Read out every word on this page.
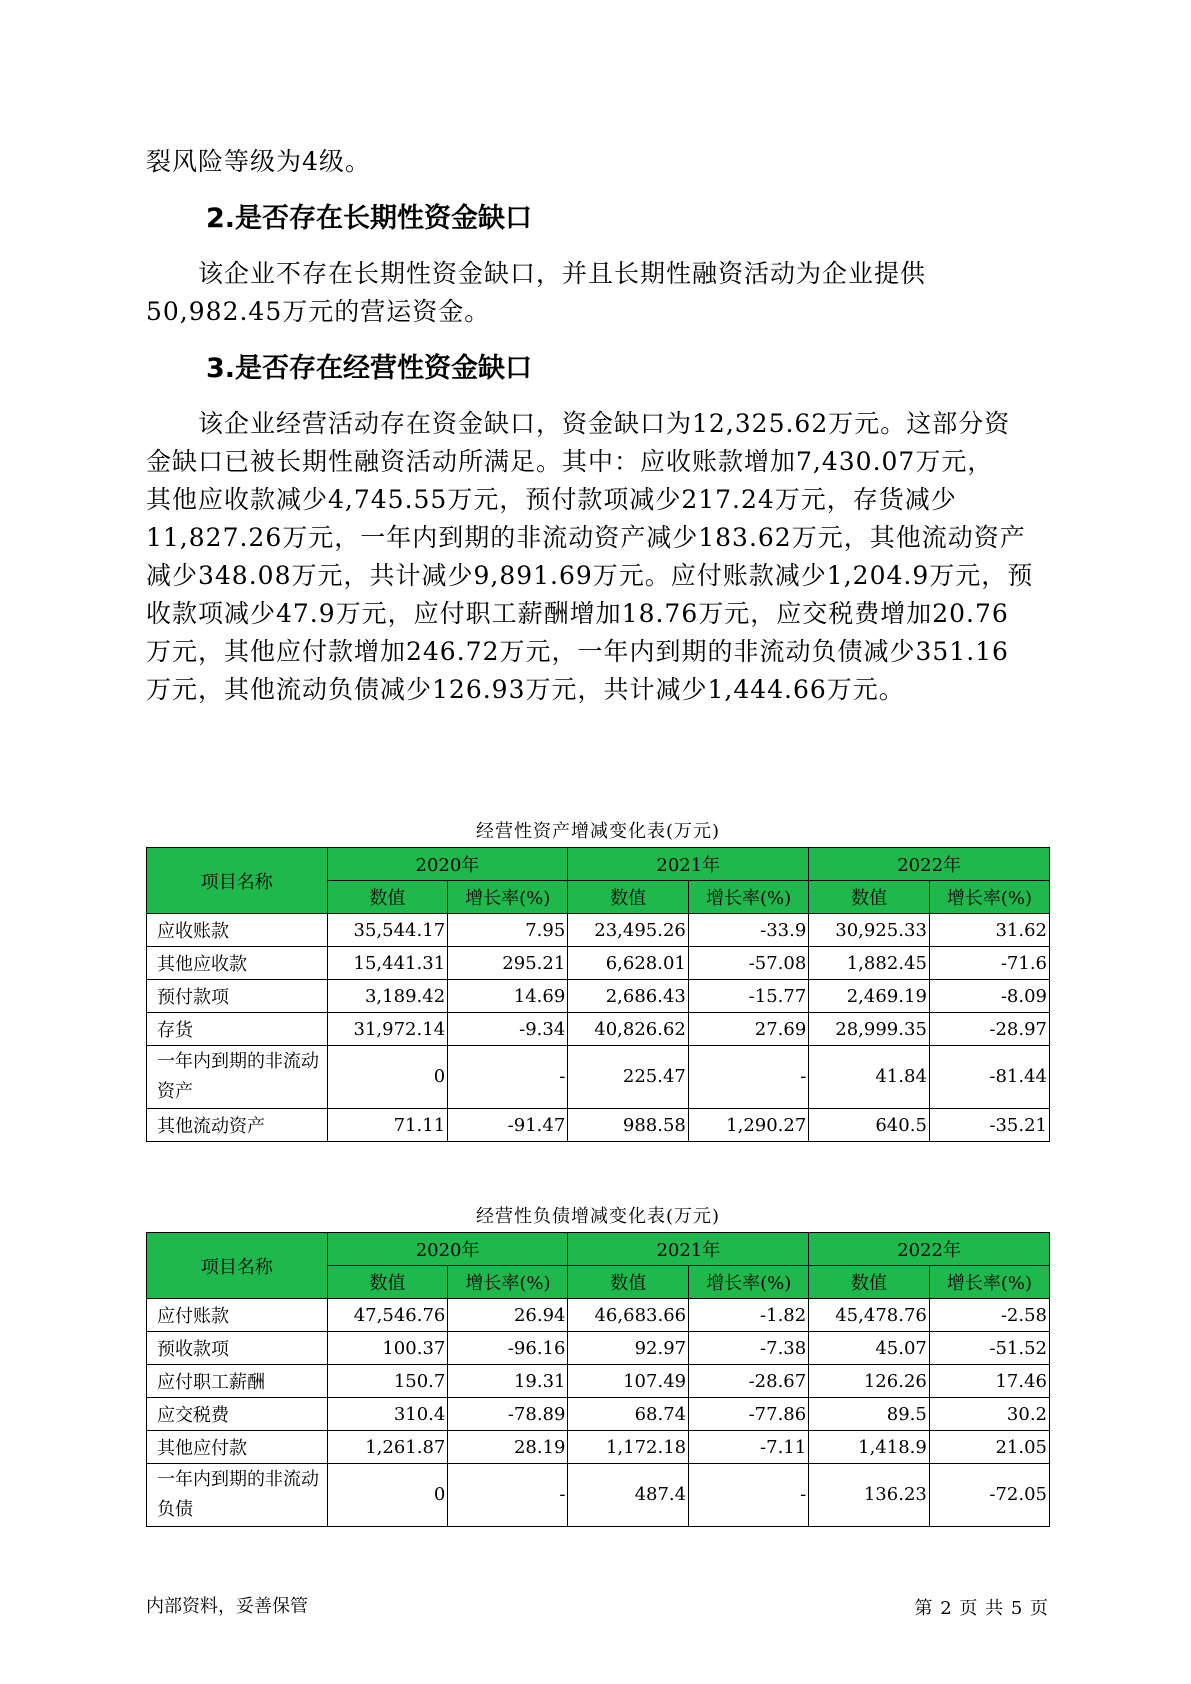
裂风险等级为4级。
2.是否存在长期性资金缺口
该企业不存在长期性资金缺口，并且长期性融资活动为企业提供
50,982.45万元的营运资金。
3.是否存在经营性资金缺口
该企业经营活动存在资金缺口，资金缺口为12,325.62万元。这部分资
金缺口已被长期性融资活动所满足。其中：应收账款增加7,430.07万元，
其他应收款减少4,745.55万元，预付款项减少217.24万元，存货减少
11,827.26万元，一年内到期的非流动资产减少183.62万元，其他流动资产
减少348.08万元，共计减少9,891.69万元。应付账款减少1,204.9万元，预
收款项减少47.9万元，应付职工薪酬增加18.76万元，应交税费增加20.76
万元，其他应付款增加246.72万元，一年内到期的非流动负债减少351.16
万元，其他流动负债减少126.93万元，共计减少1,444.66万元。
经营性资产增减变化表(万元)
项目名称	2020年		2021年		2022年	
	数值	增长率(%)	数值	增长率(%)	数值	增长率(%)
应收账款	35,544.17	7.95	23,495.26	-33.9	30,925.33	31.62
其他应收款	15,441.31	295.21	6,628.01	-57.08	1,882.45	-71.6
预付款项	3,189.42	14.69	2,686.43	-15.77	2,469.19	-8.09
存货	31,972.14	-9.34	40,826.62	27.69	28,999.35	-28.97
一年内到期的非流动资产	0	-	225.47	-	41.84	-81.44
其他流动资产	71.11	-91.47	988.58	1,290.27	640.5	-35.21
经营性负债增减变化表(万元)
项目名称	2020年		2021年		2022年	
	数值	增长率(%)	数值	增长率(%)	数值	增长率(%)
应付账款	47,546.76	26.94	46,683.66	-1.82	45,478.76	-2.58
预收款项	100.37	-96.16	92.97	-7.38	45.07	-51.52
应付职工薪酬	150.7	19.31	107.49	-28.67	126.26	17.46
应交税费	310.4	-78.89	68.74	-77.86	89.5	30.2
其他应付款	1,261.87	28.19	1,172.18	-7.11	1,418.9	21.05
一年内到期的非流动负债	0	-	487.4	-	136.23	-72.05
内部资料，妥善保管	第 2 页 共 5 页
